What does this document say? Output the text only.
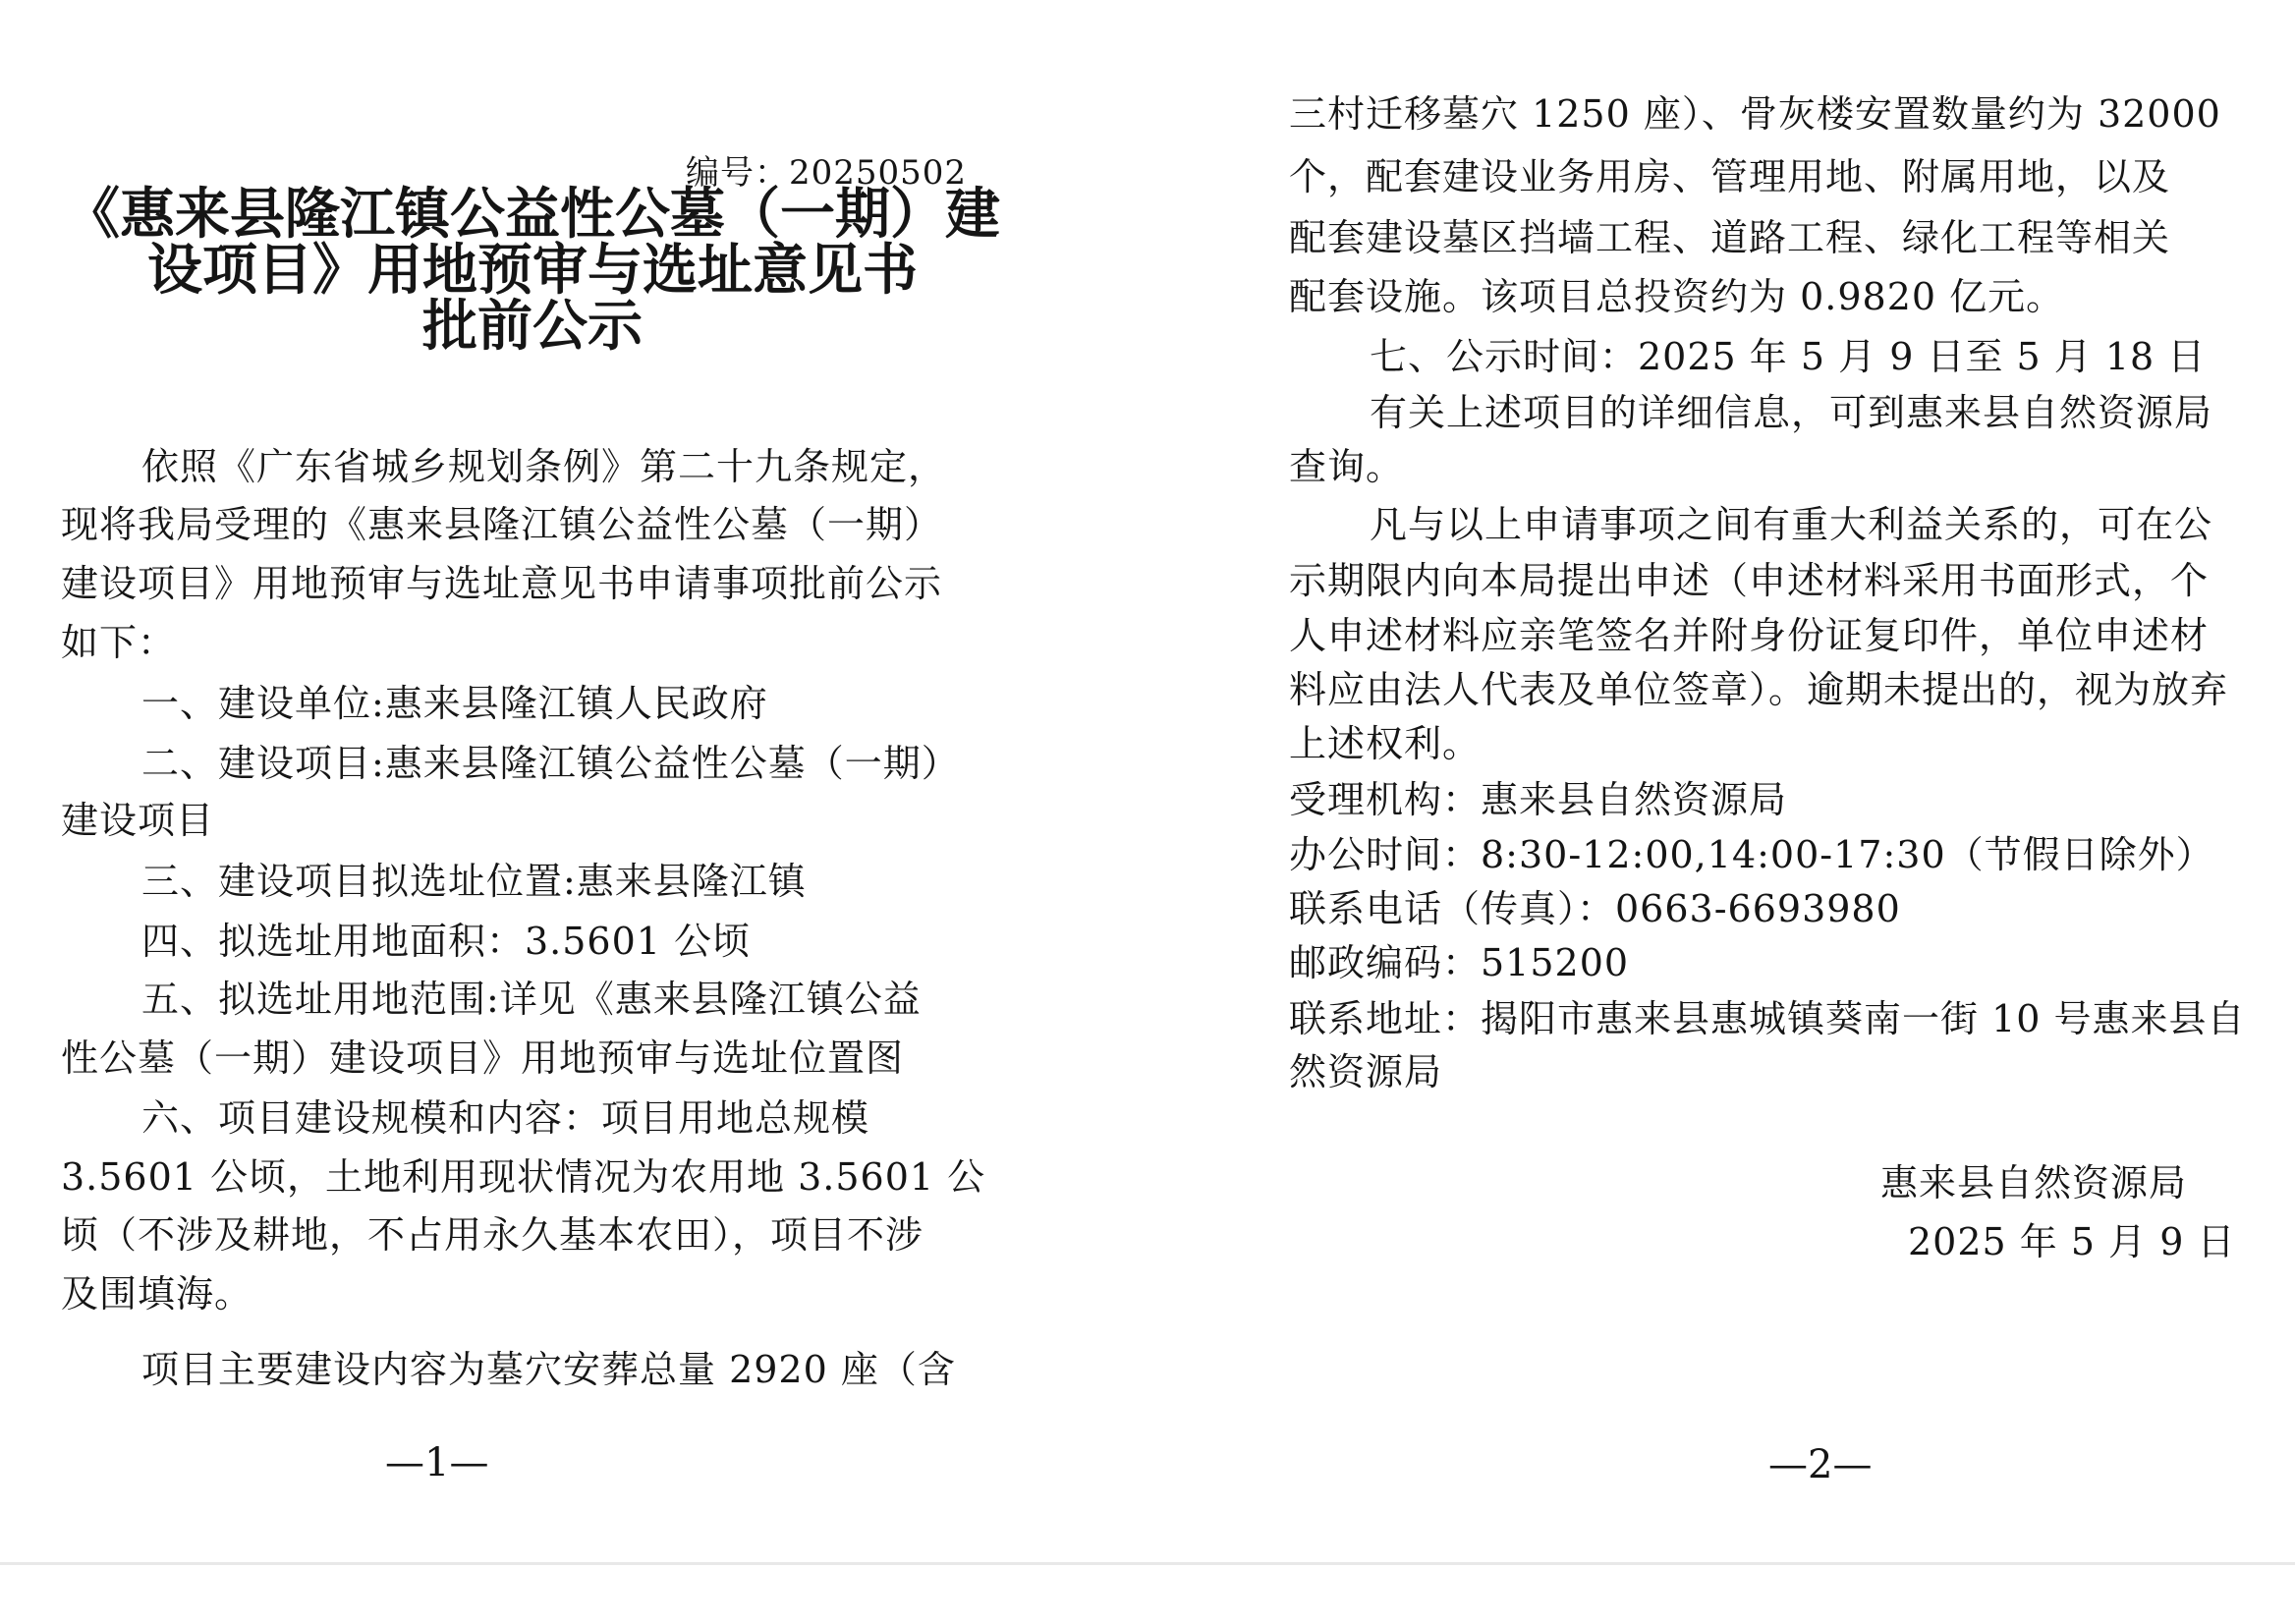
编号：20250502
《惠来县隆江镇公益性公墓（一期）建
设项目》用地预审与选址意见书
批前公示
依照《广东省城乡规划条例》第二十九条规定，
现将我局受理的《惠来县隆江镇公益性公墓（一期）
建设项目》用地预审与选址意见书申请事项批前公示
如下：
一、建设单位:惠来县隆江镇人民政府
二、建设项目:惠来县隆江镇公益性公墓（一期）
建设项目
三、建设项目拟选址位置:惠来县隆江镇
四、拟选址用地面积：3.5601 公顷
五、拟选址用地范围:详见《惠来县隆江镇公益
性公墓（一期）建设项目》用地预审与选址位置图
六、项目建设规模和内容：项目用地总规模
3.5601 公顷，土地利用现状情况为农用地 3.5601 公
顷（不涉及耕地，不占用永久基本农田），项目不涉
及围填海。
项目主要建设内容为墓穴安葬总量 2920 座（含
—1—
三村迁移墓穴 1250 座）、骨灰楼安置数量约为 32000
个，配套建设业务用房、管理用地、附属用地，以及
配套建设墓区挡墙工程、道路工程、绿化工程等相关
配套设施。该项目总投资约为 0.9820 亿元。
七、公示时间：2025 年 5 月 9 日至 5 月 18 日
有关上述项目的详细信息，可到惠来县自然资源局
查询。
凡与以上申请事项之间有重大利益关系的，可在公
示期限内向本局提出申述（申述材料采用书面形式，个
人申述材料应亲笔签名并附身份证复印件，单位申述材
料应由法人代表及单位签章）。逾期未提出的，视为放弃
上述权利。
受理机构：惠来县自然资源局
办公时间：8:30-12:00,14:00-17:30（节假日除外）
联系电话（传真）：0663-6693980
邮政编码：515200
联系地址：揭阳市惠来县惠城镇葵南一街 10 号惠来县自
然资源局
惠来县自然资源局
2025 年 5 月 9 日
—2—
